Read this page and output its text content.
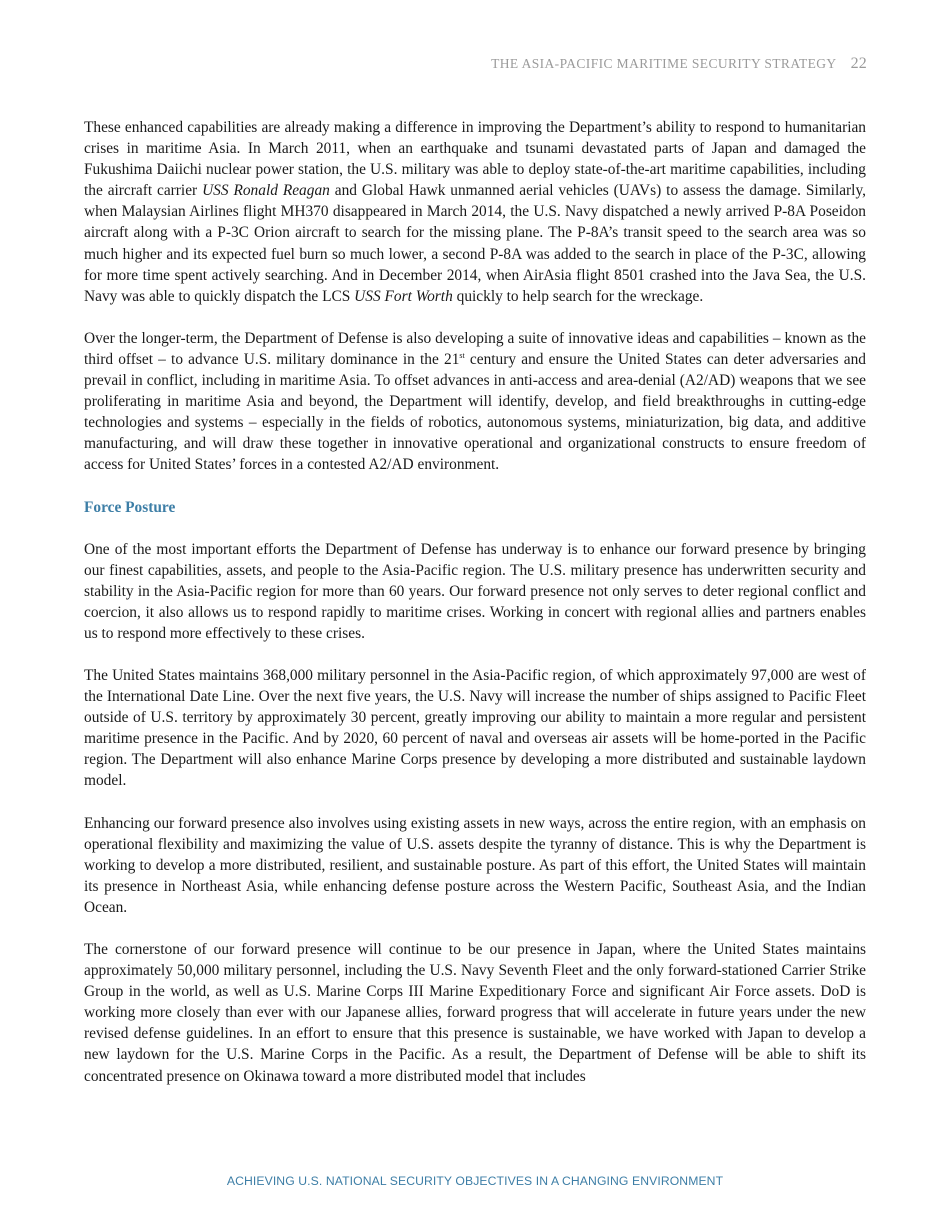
THE ASIA-PACIFIC MARITIME SECURITY STRATEGY 22

These enhanced capabilities are already making a difference in improving the Department’s ability to respond to humanitarian crises in maritime Asia. In March 2011, when an earthquake and tsunami devastated parts of Japan and damaged the Fukushima Daiichi nuclear power station, the U.S. military was able to deploy state-of-the-art maritime capabilities, including the aircraft carrier USS Ronald Reagan and Global Hawk unmanned aerial vehicles (UAVs) to assess the damage. Similarly, when Malaysian Airlines flight MH370 disappeared in March 2014, the U.S. Navy dispatched a newly arrived P-8A Poseidon aircraft along with a P-3C Orion aircraft to search for the missing plane. The P-8A’s transit speed to the search area was so much higher and its expected fuel burn so much lower, a second P-8A was added to the search in place of the P-3C, allowing for more time spent actively searching. And in December 2014, when AirAsia flight 8501 crashed into the Java Sea, the U.S. Navy was able to quickly dispatch the LCS USS Fort Worth quickly to help search for the wreckage.

Over the longer-term, the Department of Defense is also developing a suite of innovative ideas and capabilities – known as the third offset – to advance U.S. military dominance in the 21st century and ensure the United States can deter adversaries and prevail in conflict, including in maritime Asia. To offset advances in anti-access and area-denial (A2/AD) weapons that we see proliferating in maritime Asia and beyond, the Department will identify, develop, and field breakthroughs in cutting-edge technologies and systems – especially in the fields of robotics, autonomous systems, miniaturization, big data, and additive manufacturing, and will draw these together in innovative operational and organizational constructs to ensure freedom of access for United States’ forces in a contested A2/AD environment.

Force Posture

One of the most important efforts the Department of Defense has underway is to enhance our forward presence by bringing our finest capabilities, assets, and people to the Asia-Pacific region. The U.S. military presence has underwritten security and stability in the Asia-Pacific region for more than 60 years. Our forward presence not only serves to deter regional conflict and coercion, it also allows us to respond rapidly to maritime crises. Working in concert with regional allies and partners enables us to respond more effectively to these crises.

The United States maintains 368,000 military personnel in the Asia-Pacific region, of which approximately 97,000 are west of the International Date Line. Over the next five years, the U.S. Navy will increase the number of ships assigned to Pacific Fleet outside of U.S. territory by approximately 30 percent, greatly improving our ability to maintain a more regular and persistent maritime presence in the Pacific. And by 2020, 60 percent of naval and overseas air assets will be home-ported in the Pacific region. The Department will also enhance Marine Corps presence by developing a more distributed and sustainable laydown model.

Enhancing our forward presence also involves using existing assets in new ways, across the entire region, with an emphasis on operational flexibility and maximizing the value of U.S. assets despite the tyranny of distance. This is why the Department is working to develop a more distributed, resilient, and sustainable posture. As part of this effort, the United States will maintain its presence in Northeast Asia, while enhancing defense posture across the Western Pacific, Southeast Asia, and the Indian Ocean.

The cornerstone of our forward presence will continue to be our presence in Japan, where the United States maintains approximately 50,000 military personnel, including the U.S. Navy Seventh Fleet and the only forward-stationed Carrier Strike Group in the world, as well as U.S. Marine Corps III Marine Expeditionary Force and significant Air Force assets. DoD is working more closely than ever with our Japanese allies, forward progress that will accelerate in future years under the new revised defense guidelines. In an effort to ensure that this presence is sustainable, we have worked with Japan to develop a new laydown for the U.S. Marine Corps in the Pacific. As a result, the Department of Defense will be able to shift its concentrated presence on Okinawa toward a more distributed model that includes

ACHIEVING U.S. NATIONAL SECURITY OBJECTIVES IN A CHANGING ENVIRONMENT
